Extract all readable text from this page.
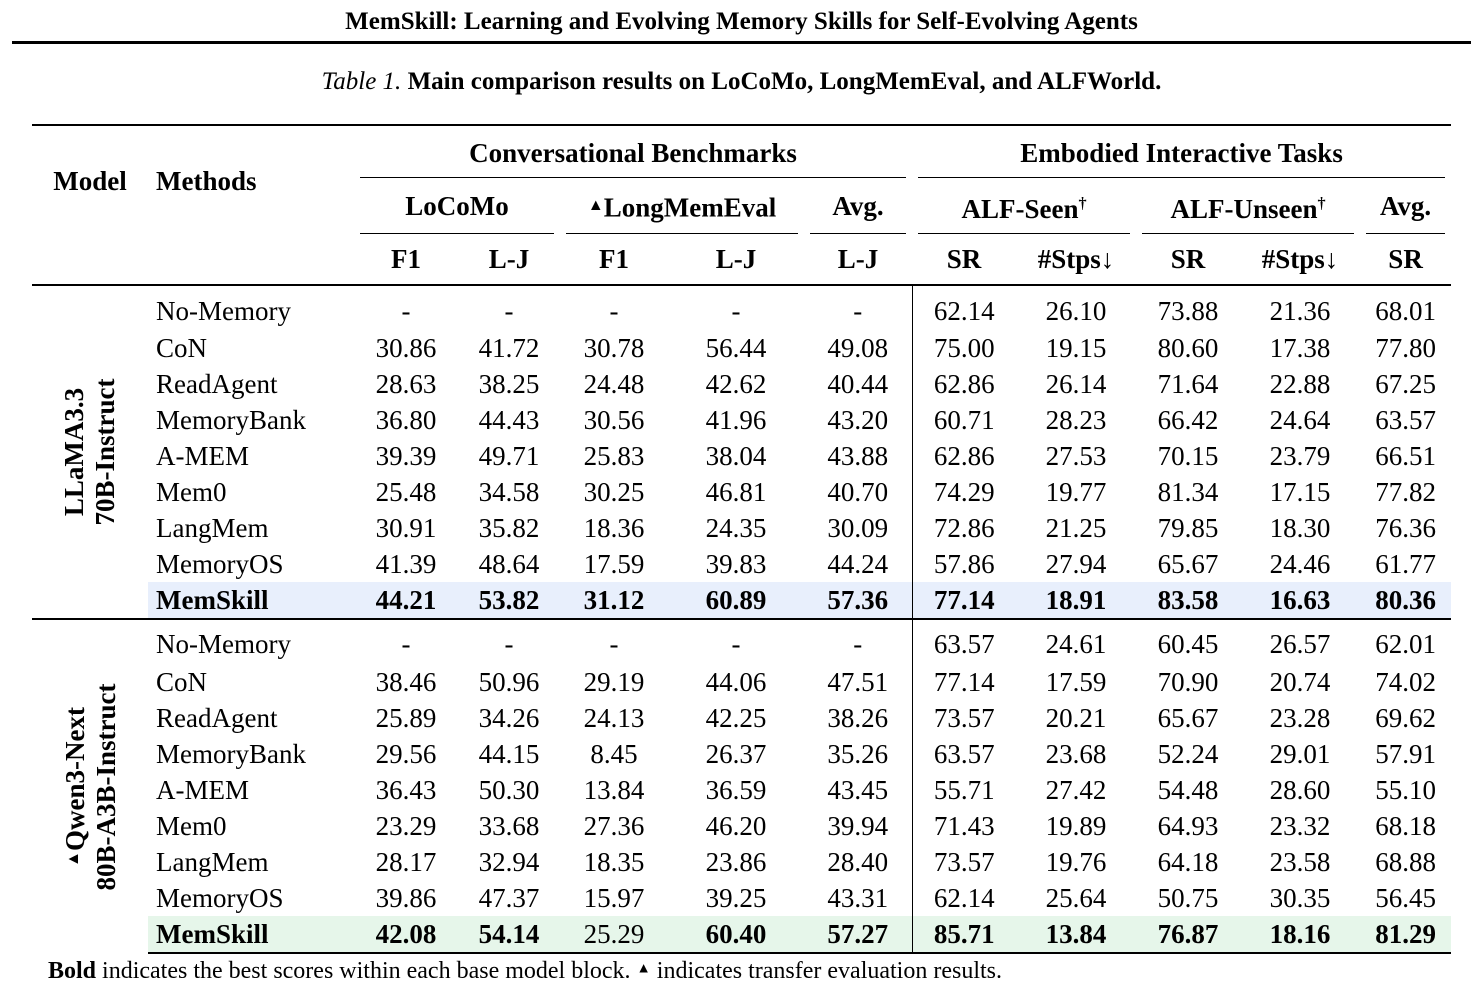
MemSkill: Learning and Evolving Memory Skills for Self-Evolving Agents
Table 1. Main comparison results on LoCoMo, LongMemEval, and ALFWorld.
Model	Methods	Conversational Benchmarks					Embodied Interactive Tasks				

		LoCoMo		▲LongMemEval		Avg.	ALF-Seen†		ALF-Unseen†		Avg.

		F1	L-J	F1	L-J	L-J	SR	#Stps↓	SR	#Stps↓	SR

LLaMA3.3 70B-Instruct	No-Memory	-	-	-	-	-	62.14	26.10	73.88	21.36	68.01
	CoN	30.86	41.72	30.78	56.44	49.08	75.00	19.15	80.60	17.38	77.80
	ReadAgent	28.63	38.25	24.48	42.62	40.44	62.86	26.14	71.64	22.88	67.25
	MemoryBank	36.80	44.43	30.56	41.96	43.20	60.71	28.23	66.42	24.64	63.57
	A-MEM	39.39	49.71	25.83	38.04	43.88	62.86	27.53	70.15	23.79	66.51
	Mem0	25.48	34.58	30.25	46.81	40.70	74.29	19.77	81.34	17.15	77.82
	LangMem	30.91	35.82	18.36	24.35	30.09	72.86	21.25	79.85	18.30	76.36
	MemoryOS	41.39	48.64	17.59	39.83	44.24	57.86	27.94	65.67	24.46	61.77
	MemSkill	44.21	53.82	31.12	60.89	57.36	77.14	18.91	83.58	16.63	80.36

▲Qwen3-Next 80B-A3B-Instruct	No-Memory	-	-	-	-	-	63.57	24.61	60.45	26.57	62.01
	CoN	38.46	50.96	29.19	44.06	47.51	77.14	17.59	70.90	20.74	74.02
	ReadAgent	25.89	34.26	24.13	42.25	38.26	73.57	20.21	65.67	23.28	69.62
	MemoryBank	29.56	44.15	8.45	26.37	35.26	63.57	23.68	52.24	29.01	57.91
	A-MEM	36.43	50.30	13.84	36.59	43.45	55.71	27.42	54.48	28.60	55.10
	Mem0	23.29	33.68	27.36	46.20	39.94	71.43	19.89	64.93	23.32	68.18
	LangMem	28.17	32.94	18.35	23.86	28.40	73.57	19.76	64.18	23.58	68.88
	MemoryOS	39.86	47.37	15.97	39.25	43.31	62.14	25.64	50.75	30.35	56.45
	MemSkill	42.08	54.14	25.29	60.40	57.27	85.71	13.84	76.87	18.16	81.29
Bold indicates the best scores within each base model block. ▲ indicates transfer evaluation results.
